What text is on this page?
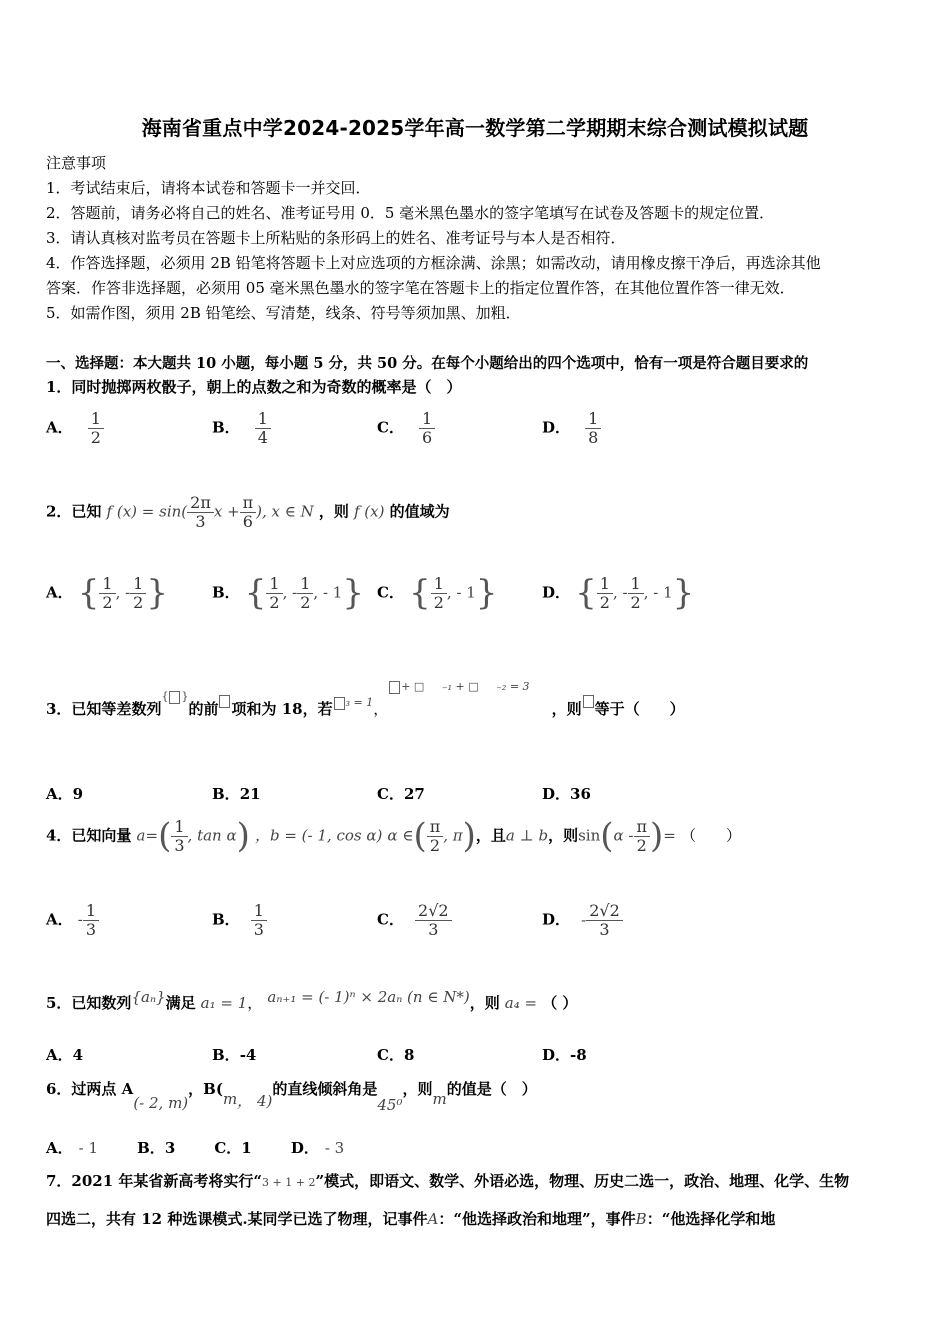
海南省重点中学2024-2025学年高一数学第二学期期末综合测试模拟试题
注意事项
1．考试结束后，请将本试卷和答题卡一并交回．
2．答题前，请务必将自己的姓名、准考证号用 0．5 毫米黑色墨水的签字笔填写在试卷及答题卡的规定位置．
3．请认真核对监考员在答题卡上所粘贴的条形码上的姓名、准考证号与本人是否相符．
4．作答选择题，必须用 2B 铅笔将答题卡上对应选项的方框涂满、涂黑；如需改动，请用橡皮擦干净后，再选涂其他
答案．作答非选择题，必须用 05 毫米黑色墨水的签字笔在答题卡上的指定位置作答，在其他位置作答一律无效．
5．如需作图，须用 2B 铅笔绘、写清楚，线条、符号等须加黑、加粗．
一、选择题：本大题共 10 小题，每小题 5 分，共 50 分。在每个小题给出的四个选项中，恰有一项是符合题目要求的
1．同时抛掷两枚骰子，朝上的点数之和为奇数的概率是（　）
A． $\frac{1}{2}$	B． $\frac{1}{4}$	C． $\frac{1}{6}$	D． $\frac{1}{8}$
2．已知 f $(x) = \sin( \frac{2\pi}{3}$ $x + \frac{\pi}{6}$ ), x ∈ N ，则 f (x) 的值域为
A． { $\frac{1}{2}$ , - $\frac{1}{2}$ }	B． { $\frac{1}{2}$ , - $\frac{1}{2}$ , - 1} C． { $\frac{1}{2}$ , - 1}	D． { $\frac{1}{2}$ , - $\frac{1}{2}$ , - 1}
3．已知等差数列{ }的前 项和为 18，若 $^{_3 = 1}$，$^{+ □ _{-1} + □ _{-2} = 3}$，则 等于（　　）
A．9	B．21	C．27	D．36
4．已知向量 $a=( \frac{1}{3}$ , tan α) ，b = (- 1, cos α) α ∈( $\frac{\pi}{2}$ , π)，且a ⊥ b，则$\sin(\alpha - \frac{\pi}{2}$ )= （　　）
A． - $\frac{1}{3}$	B． $\frac{1}{3}$	C． $\frac{2√2}{3}$	D． - $\frac{2√2}{3}$
5．已知数列{aₙ}满足 a₁ = 1， aₙ₊₁ = (- 1)ⁿ × 2aₙ (n ∈ N*)，则 a₄ = （ ）
A．4	B．-4	C．8	D．-8
6．过两点 A(- 2, m)，B(m， 4)的直线倾斜角是45⁰，则m的值是（　）
A． - 1	B．3	C．1	D． - 3
7．2021 年某省新高考将实行“3 + 1 + 2”模式，即语文、数学、外语必选，物理、历史二选一，政治、地理、化学、生物
四选二，共有 12 种选课模式.某同学已选了物理，记事件A：“他选择政治和地理”，事件B：“他选择化学和地
